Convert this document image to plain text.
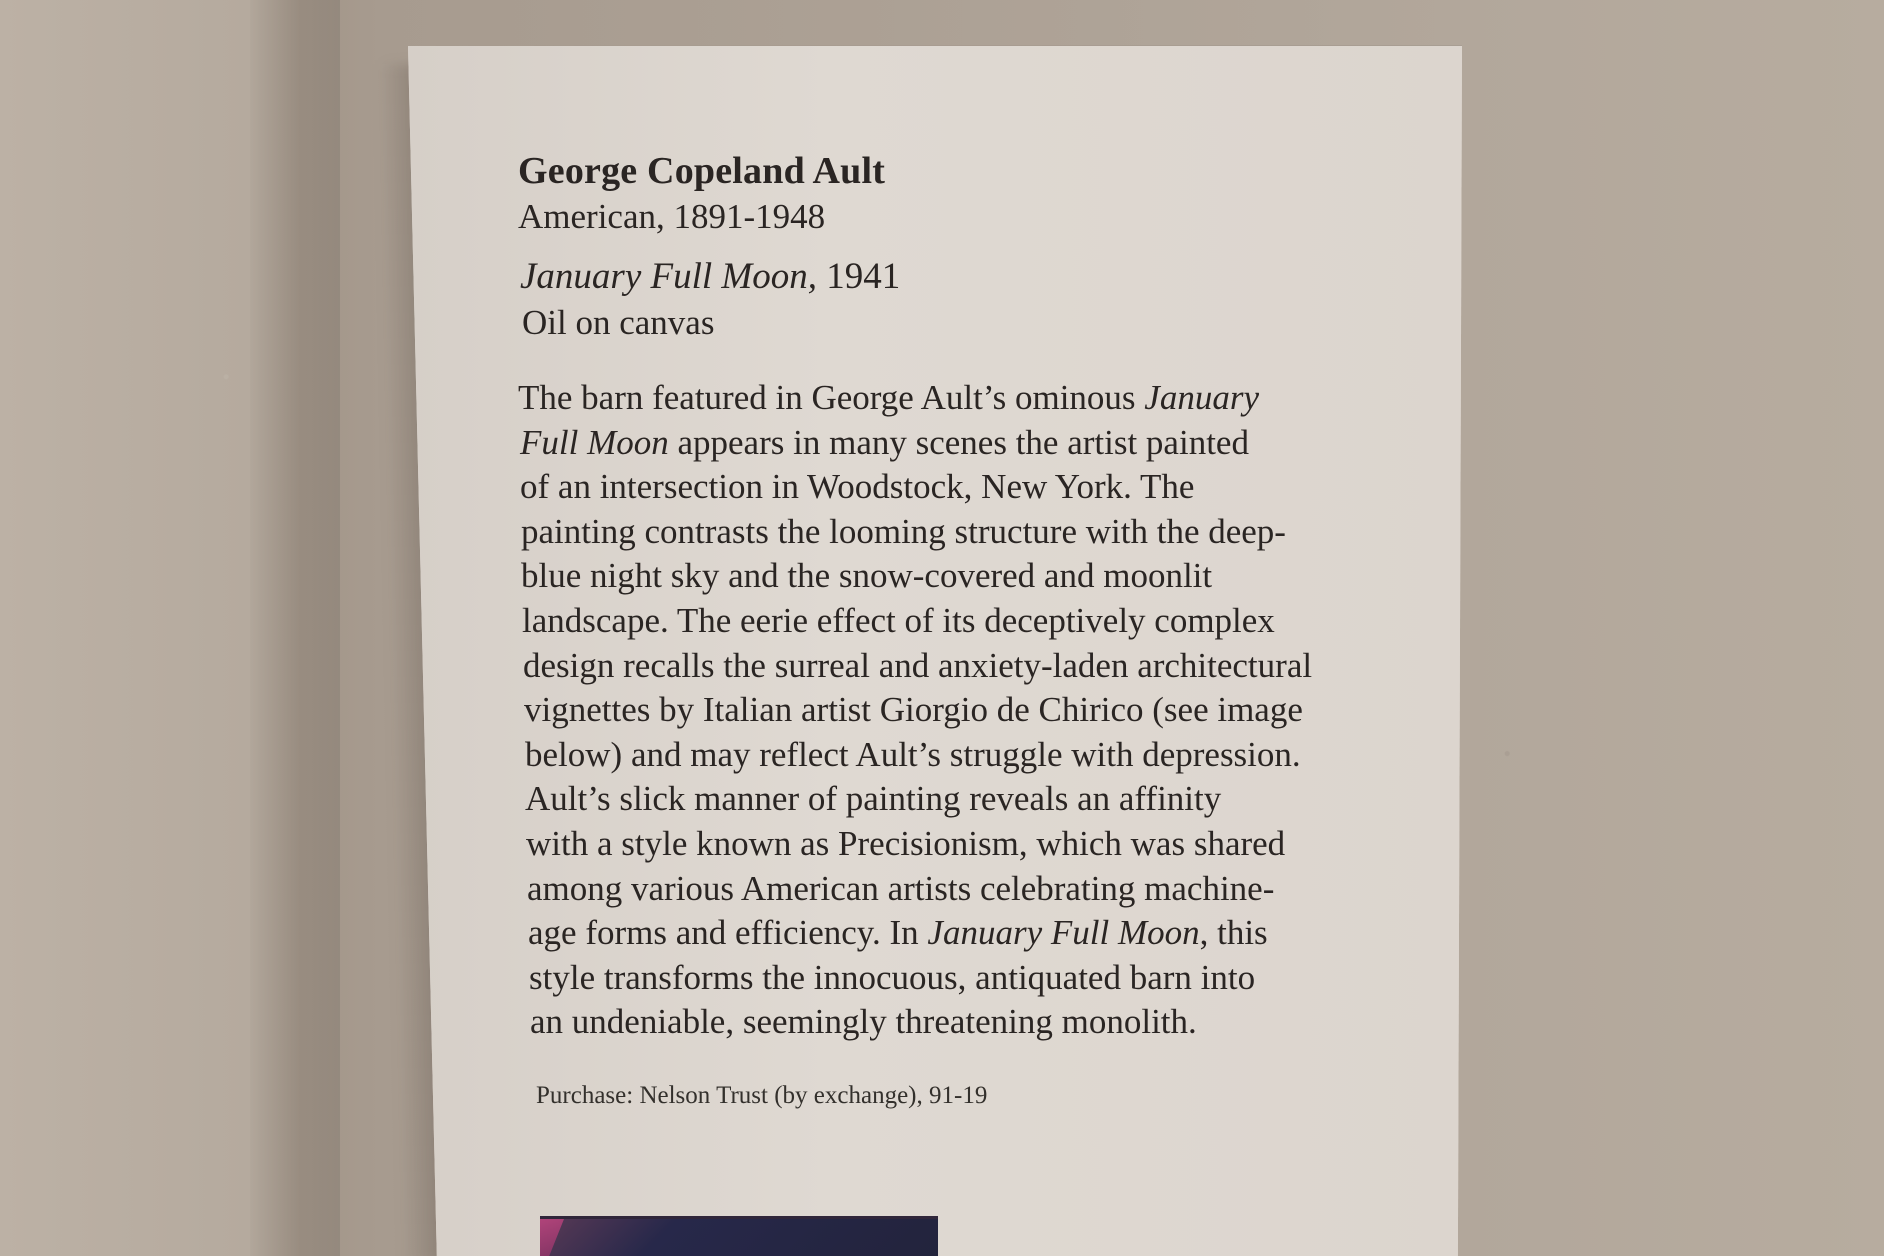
George Copeland Ault

American, 1891-1948

January Full Moon, 1941

Oil on canvas

The barn featured in George Ault’s ominous January
Full Moon appears in many scenes the artist painted
of an intersection in Woodstock, New York. The
painting contrasts the looming structure with the deep-
blue night sky and the snow-covered and moonlit
landscape. The eerie effect of its deceptively complex
design recalls the surreal and anxiety-laden architectural
vignettes by Italian artist Giorgio de Chirico (see image
below) and may reflect Ault’s struggle with depression.
Ault’s slick manner of painting reveals an affinity
with a style known as Precisionism, which was shared
among various American artists celebrating machine-
age forms and efficiency. In January Full Moon, this
style transforms the innocuous, antiquated barn into
an undeniable, seemingly threatening monolith.

Purchase: Nelson Trust (by exchange), 91-19
